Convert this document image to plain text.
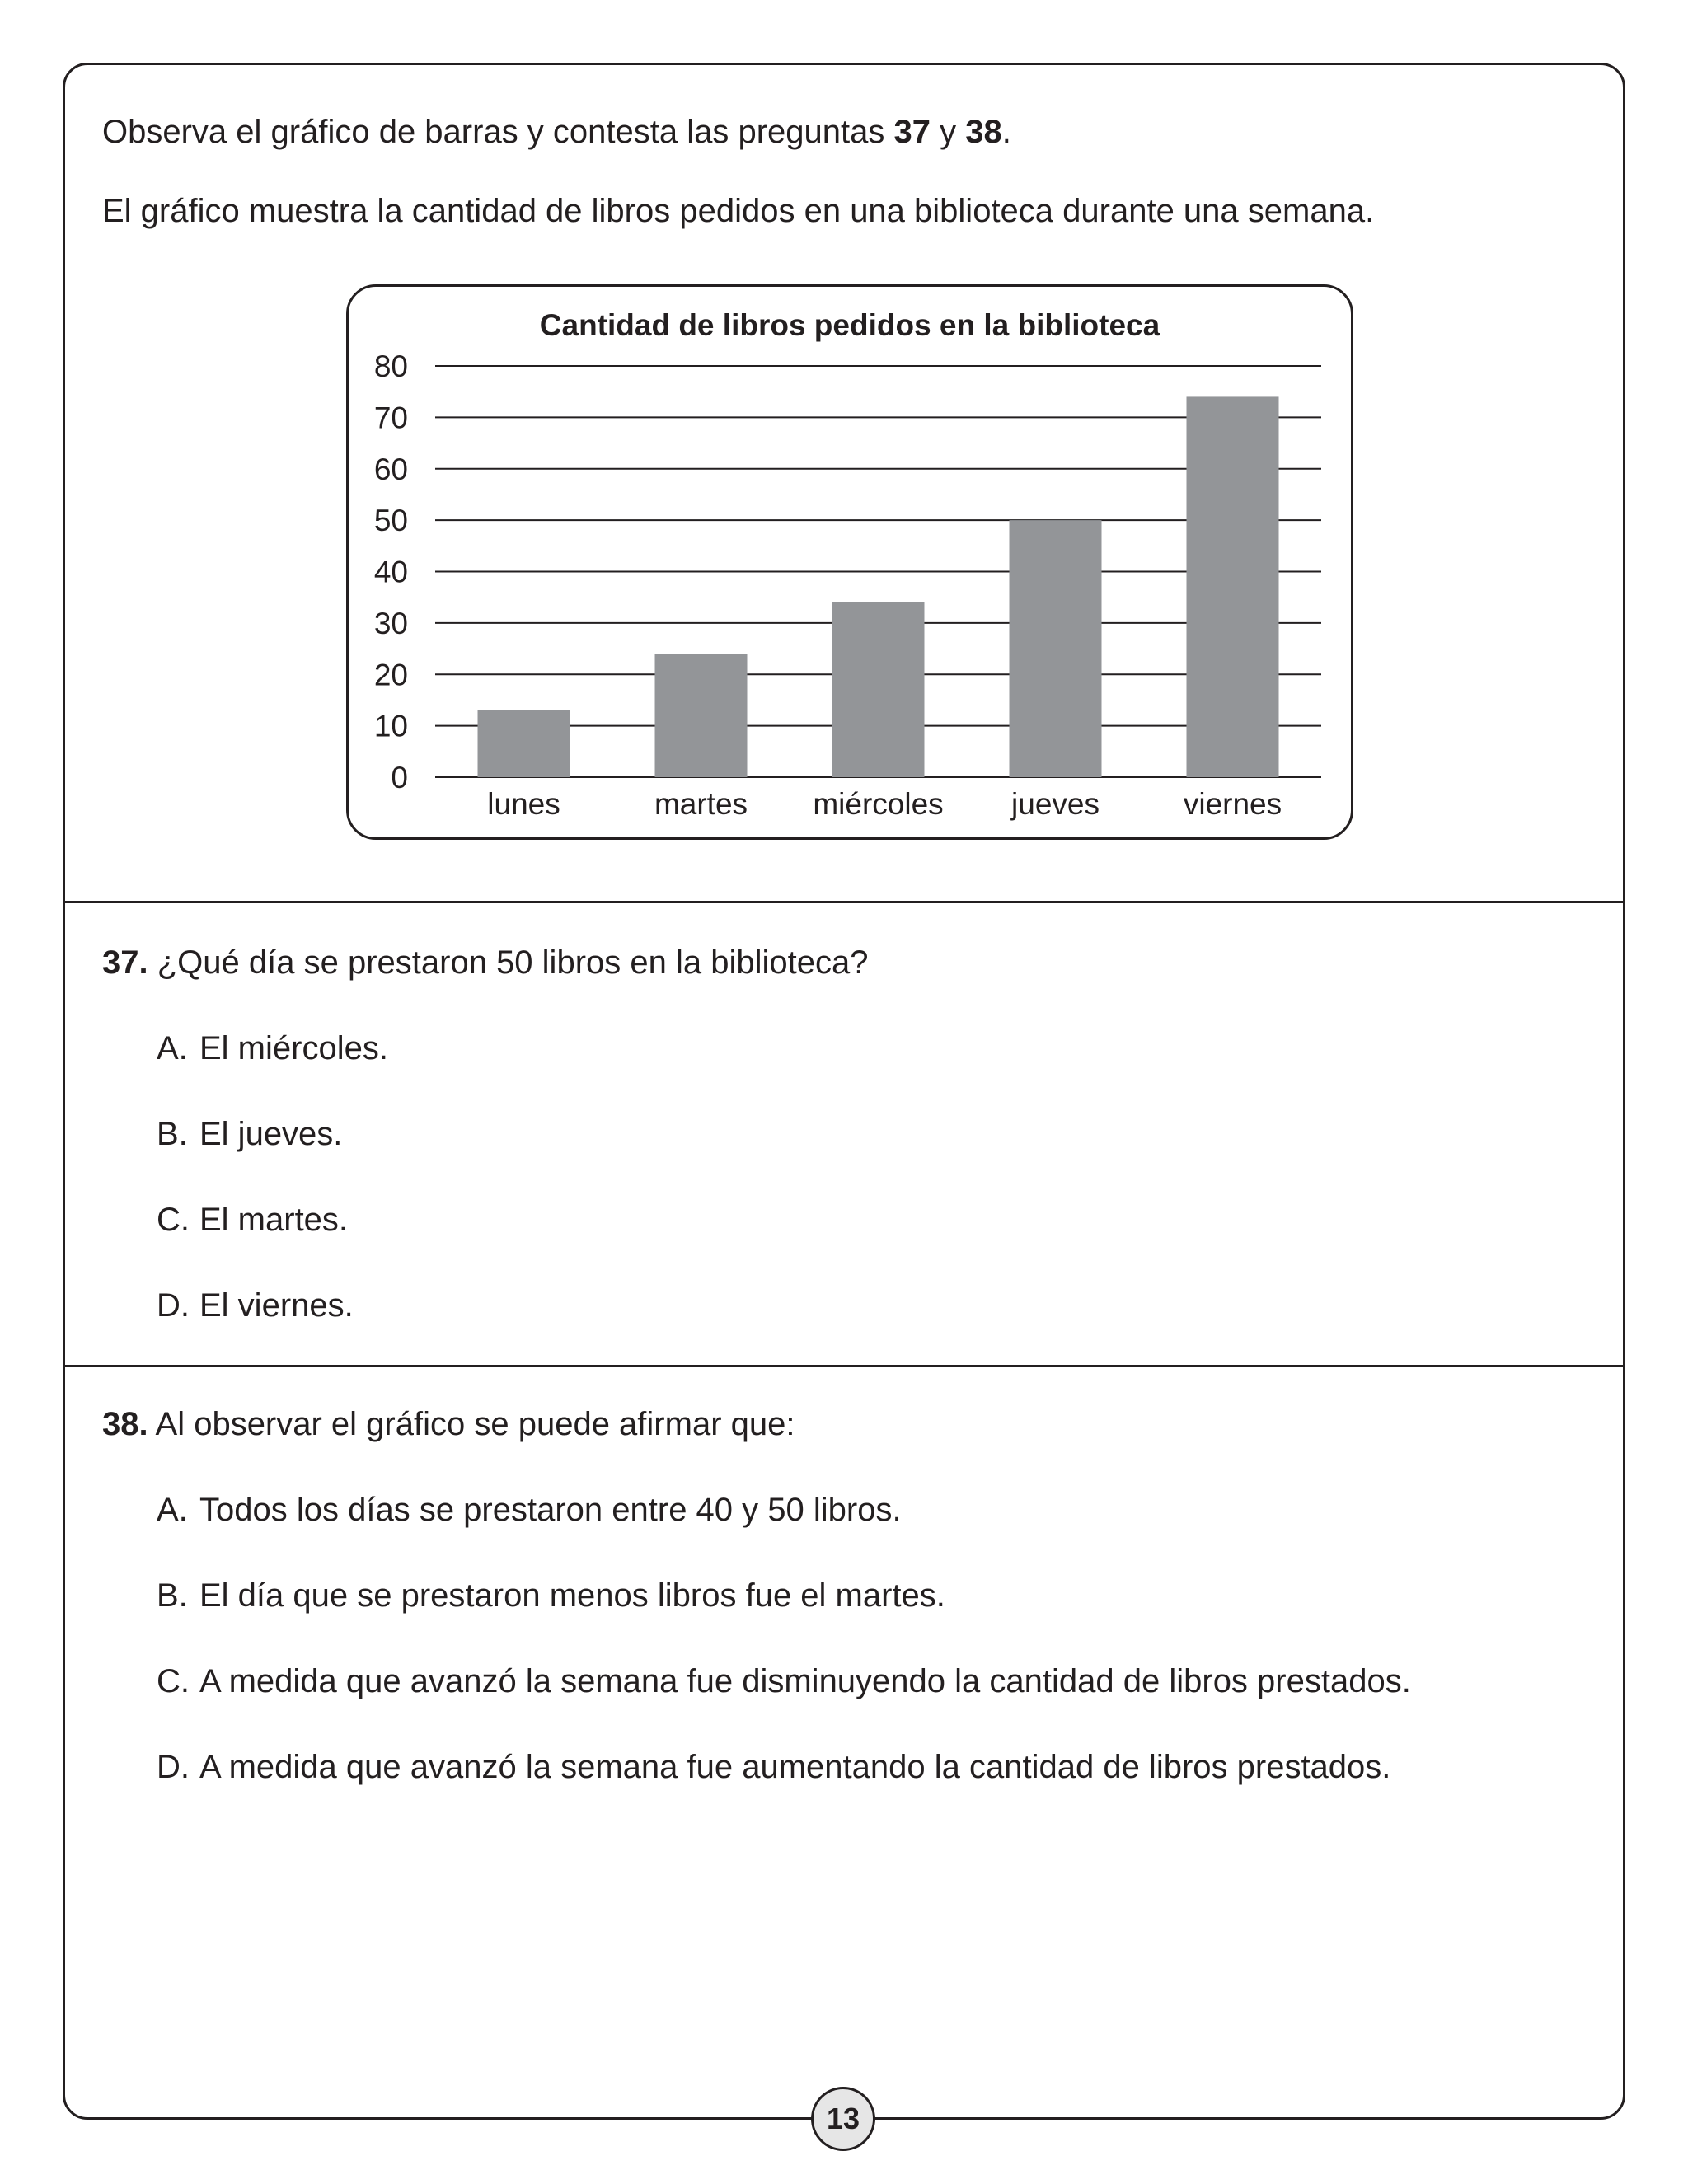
Observa el gráfico de barras y contesta las preguntas 37 y 38.
El gráfico muestra la cantidad de libros pedidos en una biblioteca durante una semana.
Cantidad de libros pedidos en la biblioteca
0
10
20
30
40
50
60
70
80
lunes	martes miércoles jueves	viernes
37. ¿Qué día se prestaron 50 libros en la biblioteca?
A. El miércoles.
B. El jueves.
C. El martes.
D. El viernes.
38. Al observar el gráfico se puede afirmar que:
A. Todos los días se prestaron entre 40 y 50 libros.
B. El día que se prestaron menos libros fue el martes.
C. A medida que avanzó la semana fue disminuyendo la cantidad de libros prestados.
D. A medida que avanzó la semana fue aumentando la cantidad de libros prestados.
13
